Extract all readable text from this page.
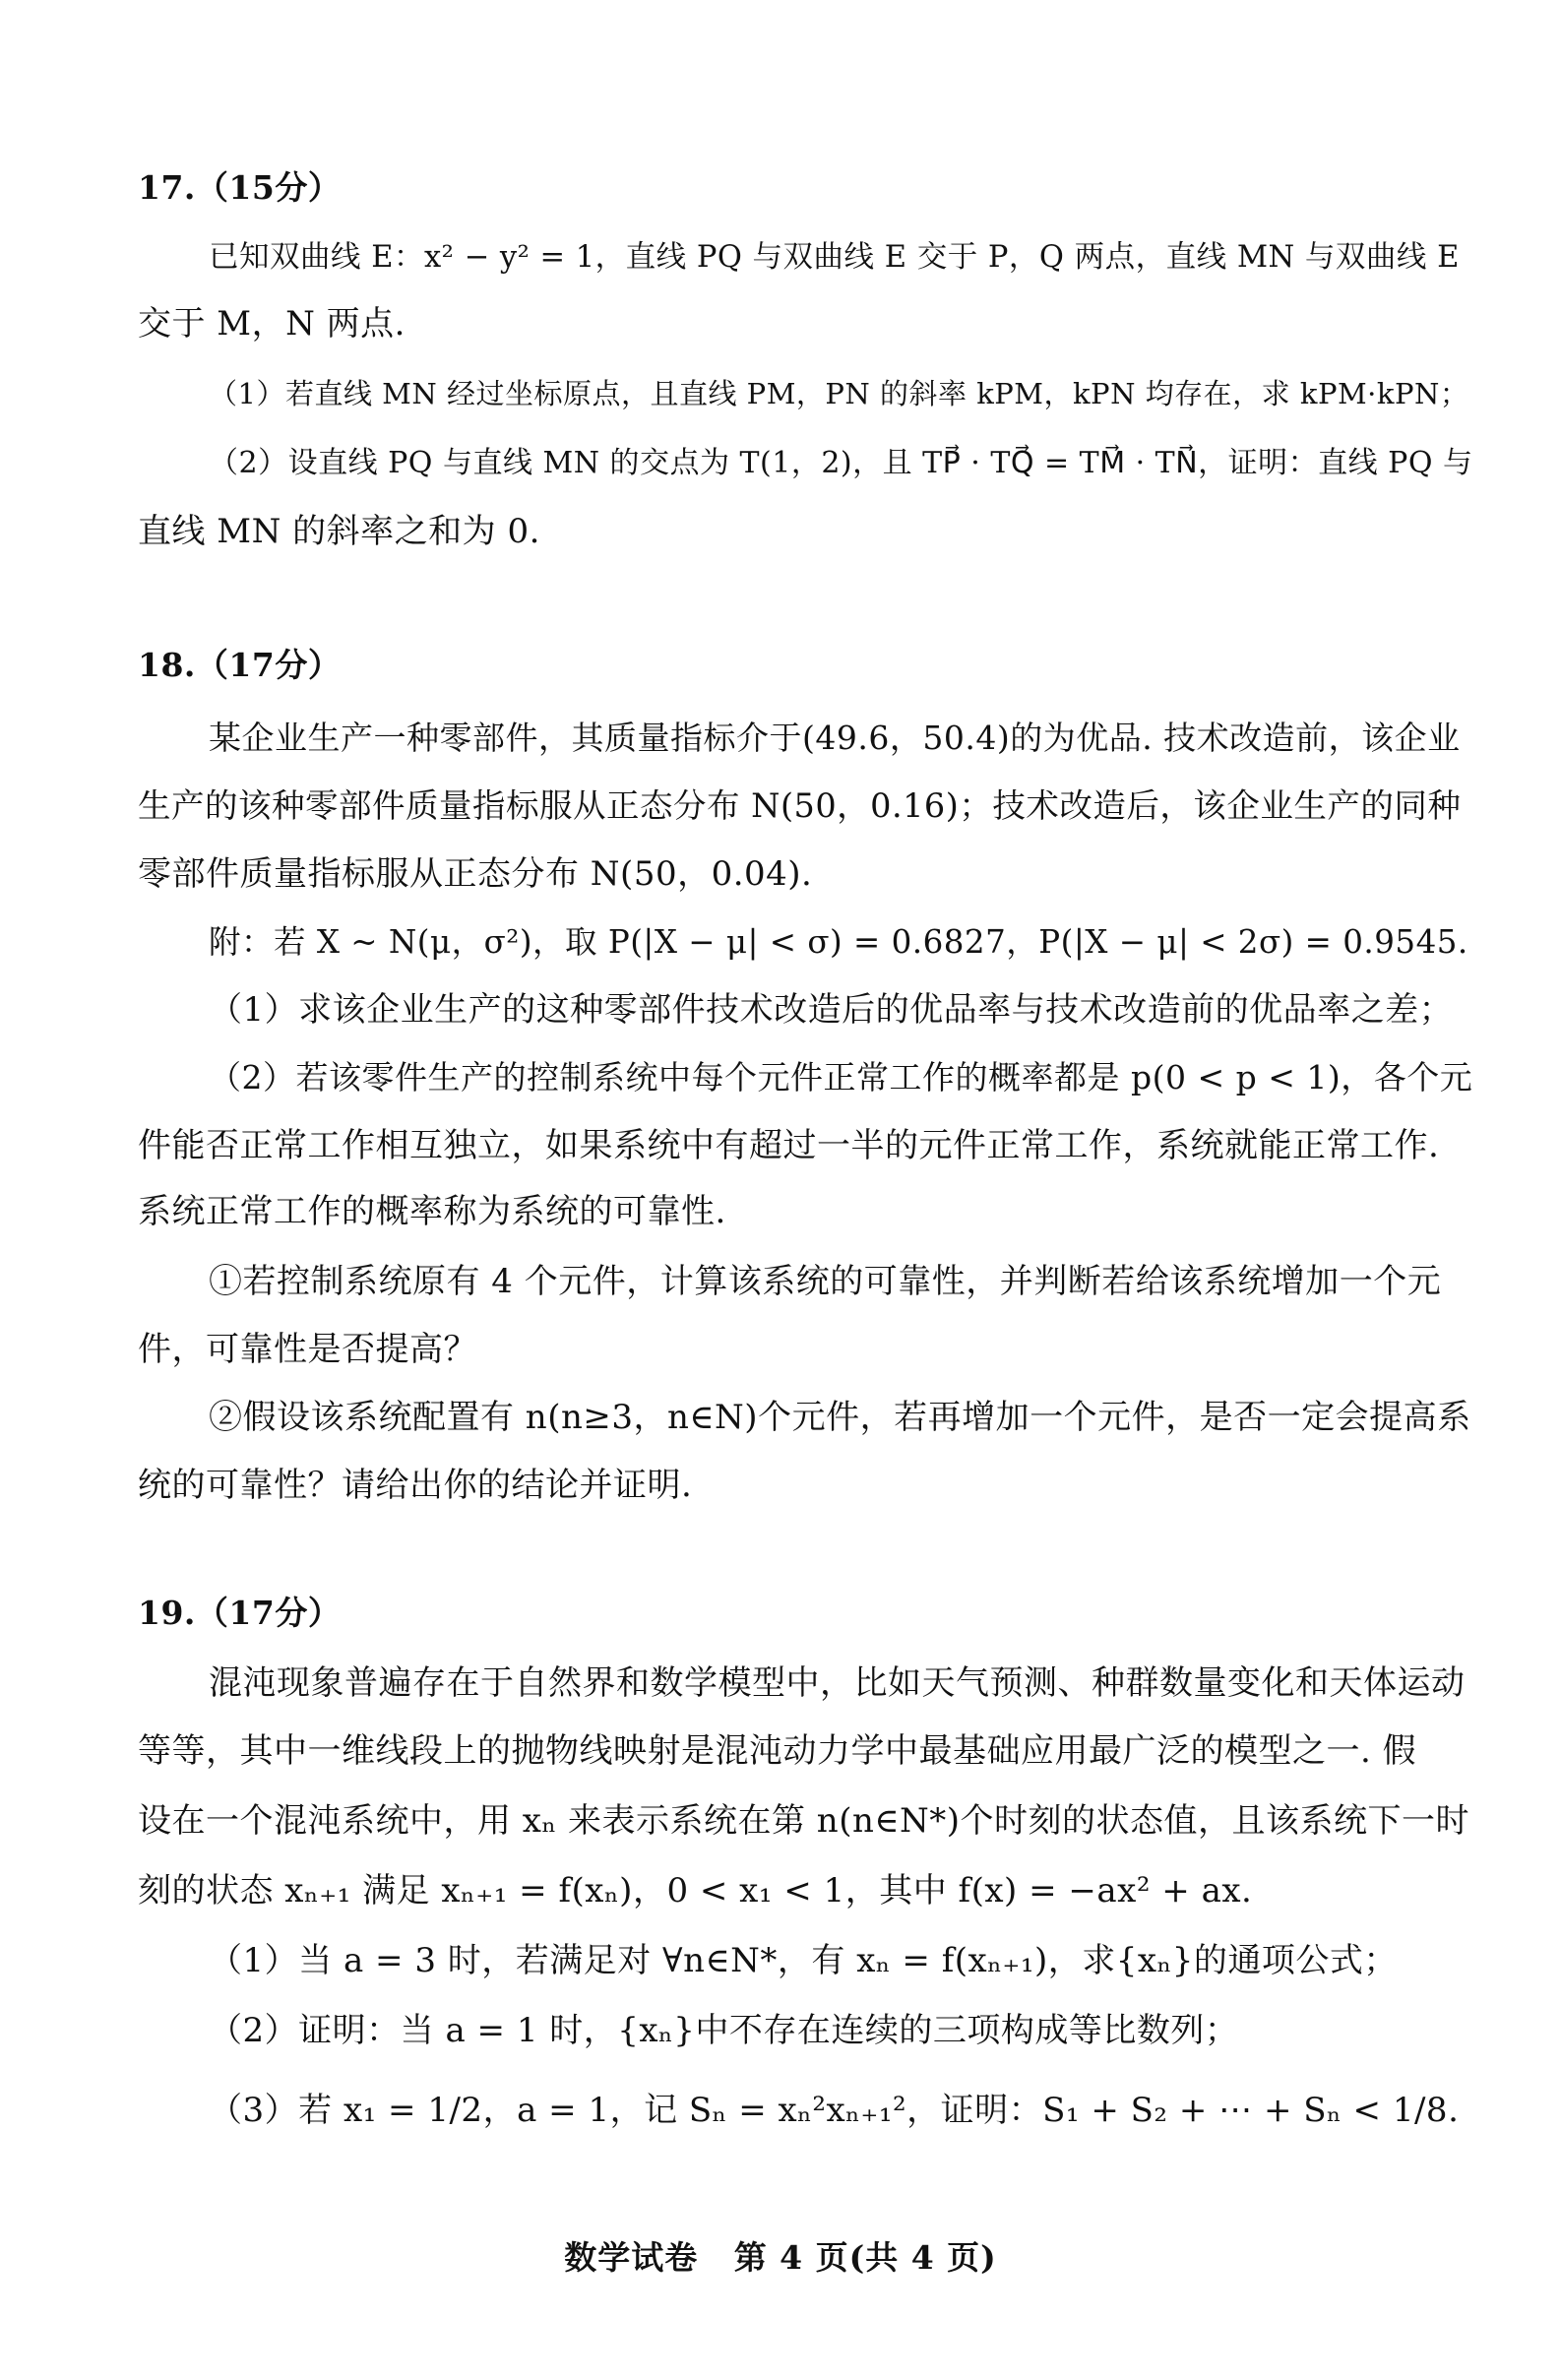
17.（15分）
已知双曲线 E：x² − y² = 1，直线 PQ 与双曲线 E 交于 P，Q 两点，直线 MN 与双曲线 E
交于 M，N 两点.
（1）若直线 MN 经过坐标原点，且直线 PM，PN 的斜率 kPM，kPN 均存在，求 kPM·kPN；
（2）设直线 PQ 与直线 MN 的交点为 T(1，2)，且 TP⃗ · TQ⃗ = TM⃗ · TN⃗，证明：直线 PQ 与
直线 MN 的斜率之和为 0.
18.（17分）
某企业生产一种零部件，其质量指标介于(49.6，50.4)的为优品. 技术改造前，该企业
生产的该种零部件质量指标服从正态分布 N(50，0.16)；技术改造后，该企业生产的同种
零部件质量指标服从正态分布 N(50，0.04).
附：若 X ~ N(μ，σ²)，取 P(|X − μ| < σ) = 0.6827，P(|X − μ| < 2σ) = 0.9545.
（1）求该企业生产的这种零部件技术改造后的优品率与技术改造前的优品率之差；
（2）若该零件生产的控制系统中每个元件正常工作的概率都是 p(0 < p < 1)，各个元
件能否正常工作相互独立，如果系统中有超过一半的元件正常工作，系统就能正常工作.
系统正常工作的概率称为系统的可靠性.
①若控制系统原有 4 个元件，计算该系统的可靠性，并判断若给该系统增加一个元
件，可靠性是否提高？
②假设该系统配置有 n(n≥3，n∈N)个元件，若再增加一个元件，是否一定会提高系
统的可靠性？请给出你的结论并证明.
19.（17分）
混沌现象普遍存在于自然界和数学模型中，比如天气预测、种群数量变化和天体运动
等等，其中一维线段上的抛物线映射是混沌动力学中最基础应用最广泛的模型之一. 假
设在一个混沌系统中，用 xₙ 来表示系统在第 n(n∈N*)个时刻的状态值，且该系统下一时
刻的状态 xₙ₊₁ 满足 xₙ₊₁ = f(xₙ)，0 < x₁ < 1，其中 f(x) = −ax² + ax.
（1）当 a = 3 时，若满足对 ∀n∈N*，有 xₙ = f(xₙ₊₁)，求{xₙ}的通项公式；
（2）证明：当 a = 1 时，{xₙ}中不存在连续的三项构成等比数列；
（3）若 x₁ = 1/2，a = 1，记 Sₙ = xₙ²xₙ₊₁²，证明：S₁ + S₂ + ⋯ + Sₙ < 1/8.
数学试卷 第 4 页(共 4 页)
